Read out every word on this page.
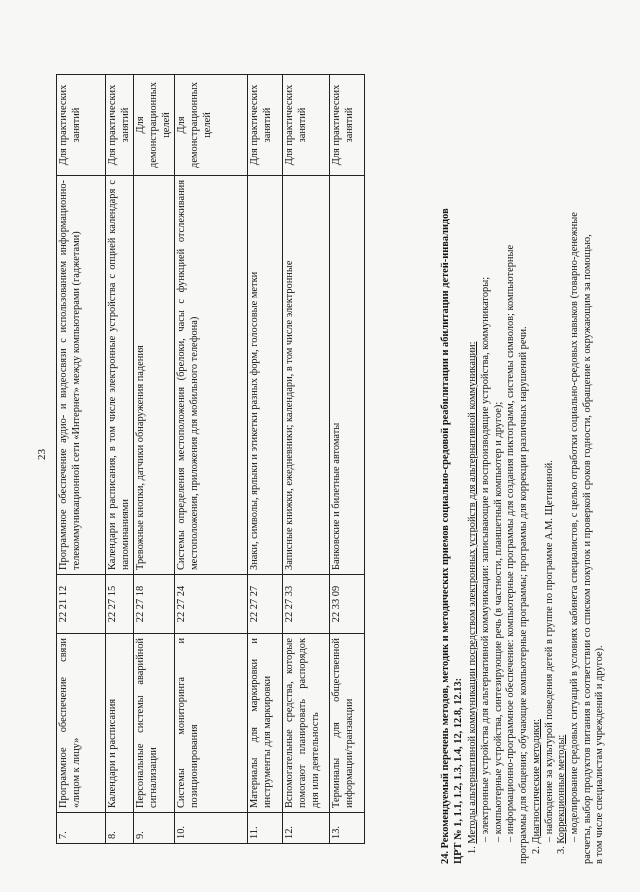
23
7.	Программное обеспечение связи «лицом к лицу»	22 21 12	Программное обеспечение аудио- и видеосвязи с использованием информационно-телекоммуникационной сети «Интернет» между компьютерами (гаджетами)	Для практических занятий
8.	Календари и расписания	22 27 15	Календари и расписания, в том числе электронные устройства с опцией календаря с напоминаниями	Для практических занятий
9.	Персональные системы аварийной сигнализации	22 27 18	Тревожные кнопки, датчики обнаружения падения	Для демонстрационных целей
10.	Системы мониторинга и позиционирования	22 27 24	Системы определения местоположения (брелоки, часы с функцией отслеживания местоположения, приложения для мобильного телефона)	Для демонстрационных целей
11.	Материалы для маркировки и инструменты для маркировки	22 27 27	Знаки, символы, ярлыки и этикетки разных форм, голосовые метки	Для практических занятий
12.	Вспомогательные средства, которые помогают планировать распорядок дня или деятельность	22 27 33	Записные книжки, ежедневники; календари, в том числе электронные	Для практических занятий
13.	Терминалы для общественной информации/транзакции	22 33 09	Банковские и билетные автоматы	Для практических занятий

24. Рекомендуемый перечень методов, методик и методических приемов социально-средовой реабилитации и абилитации детей-инвалидов ЦРТ № 1, 1.1, 1.2, 1.3, 1.4, 12, 12.8, 12.13: 1. Методы альтернативной коммуникации посредством электронных устройств для альтернативной коммуникации: – электронные устройства для альтернативной коммуникации: записывающие и воспроизводящие устройства, коммуникаторы; – компьютерные устройства, синтезирующие речь (в частности, планшетный компьютер и другое); – информационно-программное обеспечение: компьютерные программы для создания пиктограмм, системы символов; компьютерные программы для общения; обучающие компьютерные программы; программы для коррекции различных нарушений речи. 2. Диагностические методики: – наблюдение за культурой поведения детей в группе по программе А.М. Щетининой.

3. Коррекционные методы: – моделирование средовых ситуаций в условиях кабинета специалистов, с целью отработки социально-средовых навыков (товарно-денежные расчеты, выбор продуктов питания в соответствии со списком покупок и проверкой сроков годности, обращение к окружающим за помощью, в том числе специалистам учреждений и другое).
